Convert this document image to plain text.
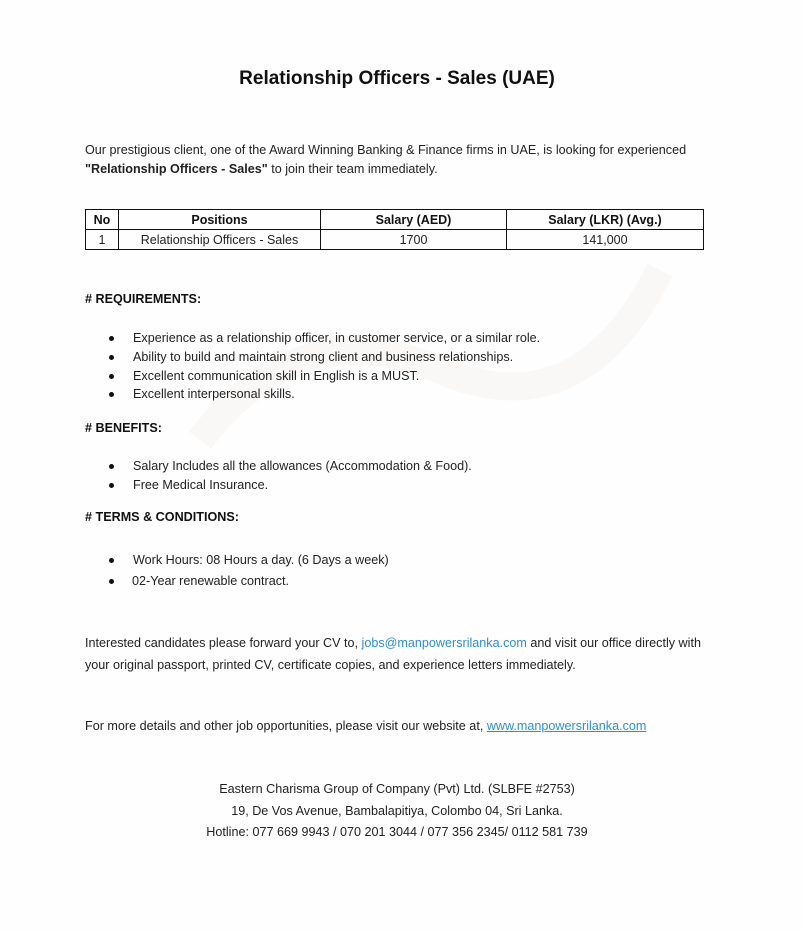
Relationship Officers - Sales (UAE)
Our prestigious client, one of the Award Winning Banking & Finance firms in UAE, is looking for experienced "Relationship Officers - Sales" to join their team immediately.
No	Positions	Salary (AED)	Salary (LKR) (Avg.)
1	Relationship Officers - Sales	1700	141,000
# REQUIREMENTS:
Experience as a relationship officer, in customer service, or a similar role.
Ability to build and maintain strong client and business relationships.
Excellent communication skill in English is a MUST.
Excellent interpersonal skills.
# BENEFITS:
Salary Includes all the allowances (Accommodation & Food).
Free Medical Insurance.
# TERMS & CONDITIONS:
Work Hours: 08 Hours a day. (6 Days a week)
02-Year renewable contract.
Interested candidates please forward your CV to, jobs@manpowersrilanka.com and visit our office directly with your original passport, printed CV, certificate copies, and experience letters immediately.
For more details and other job opportunities, please visit our website at, www.manpowersrilanka.com
Eastern Charisma Group of Company (Pvt) Ltd. (SLBFE #2753)
19, De Vos Avenue, Bambalapitiya, Colombo 04, Sri Lanka.
Hotline: 077 669 9943 / 070 201 3044 / 077 356 2345/ 0112 581 739
